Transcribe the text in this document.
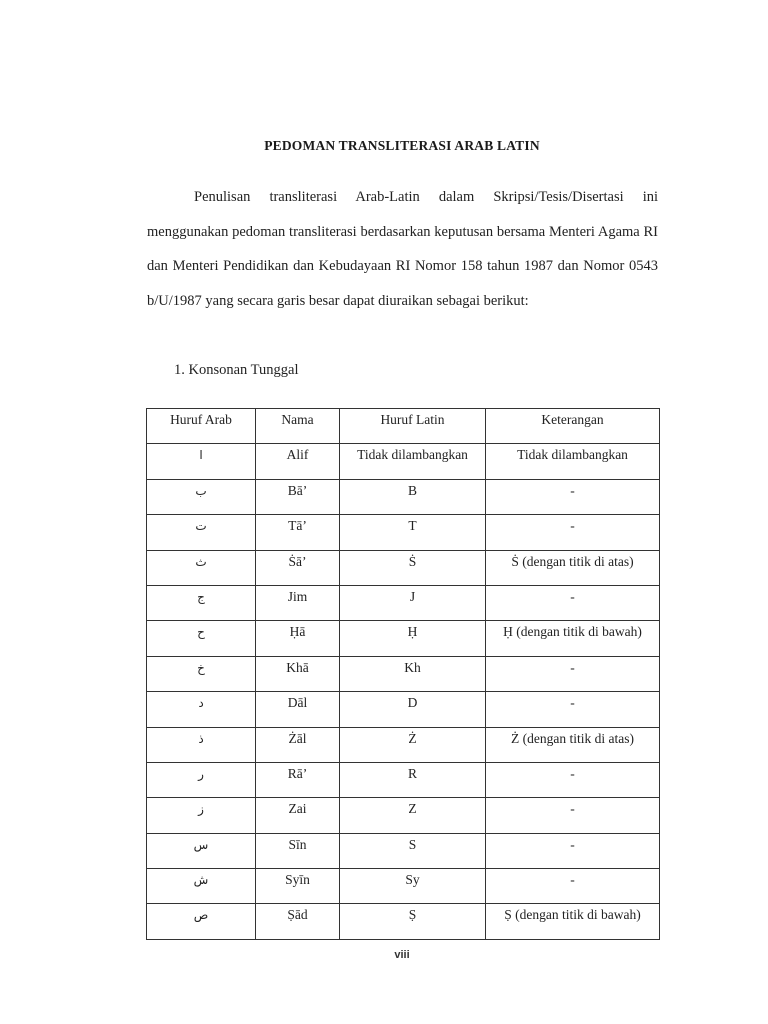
PEDOMAN TRANSLITERASI ARAB LATIN

Penulisan transliterasi Arab-Latin dalam Skripsi/Tesis/Disertasi ini menggunakan pedoman transliterasi berdasarkan keputusan bersama Menteri Agama RI dan Menteri Pendidikan dan Kebudayaan RI Nomor 158 tahun 1987 dan Nomor 0543 b/U/1987 yang secara garis besar dapat diuraikan sebagai berikut:

1. Konsonan Tunggal
Huruf Arab	Nama	Huruf Latin	Keterangan
ا	Alif	Tidak dilambangkan	Tidak dilambangkan
ب	Bā’	B	-
ت	Tā’	T	-
ث	Ṡā’	Ṡ	Ṡ (dengan titik di atas)
ج	Jim	J	-
ح	Ḥā	Ḥ	Ḥ (dengan titik di bawah)
خ	Khā	Kh	-
د	Dāl	D	-
ذ	Żāl	Ż	Ż (dengan titik di atas)
ر	Rā’	R	-
ز	Zai	Z	-
س	Sīn	S	-
ش	Syīn	Sy	-
ص	Ṣād	Ṣ	Ṣ (dengan titik di bawah)
viii
